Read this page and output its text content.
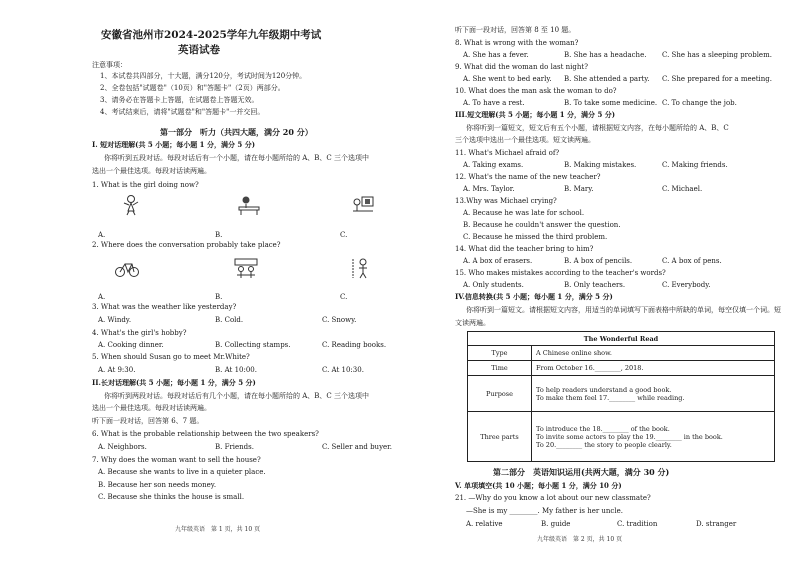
安徽省池州市2024-2025学年九年级期中考试
英语试卷
注意事项：
1、本试卷共四部分，十大题，满分120分，考试时间为120分钟。
2、全卷包括"试题卷"（10页）和"答题卡"（2页）两部分。
3、请务必在答题卡上答题，在试题卷上答题无效。
4、考试结束后，请将"试题卷"和"答题卡"一并交回。
第一部分　听力（共四大题，满分 20 分）
I. 短对话理解(共 5 小题；每小题 1 分，满分 5 分)
你将听到五段对话。每段对话后有一个小题，请在每小题所给的 A、B、C 三个选项中
选出一个最佳选项。每段对话读两遍。
1. What is the girl doing now?
A.	B.	C.
2. Where does the conversation probably take place?
A.	B.	C.
3. What was the weather like yesterday?
A. Windy.	B. Cold.	C. Snowy.
4. What's the girl's hobby?
A. Cooking dinner.	B. Collecting stamps.	C. Reading books.
5. When should Susan go to meet Mr.White?
A. At 9:30.	B. At 10:00.	C. At 10:30.
II.长对话理解(共 5 小题；每小题 1 分，满分 5 分)
你将听到两段对话。每段对话后有几个小题，请在每小题所给的 A、B、C 三个选项中
选出一个最佳选项。每段对话读两遍。
听下面一段对话，回答第 6、7 题。
6. What is the probable relationship between the two speakers?
A. Neighbors.	B. Friends.	C. Seller and buyer.
7. Why does the woman want to sell the house?
A. Because she wants to live in a quieter place.
B. Because her son needs money.
C. Because she thinks the house is small.
九年级英语　第 1 页，共 10 页
听下面一段对话，回答第 8 至 10 题。
8. What is wrong with the woman?
A. She has a fever.	B. She has a headache. C. She has a sleeping problem.
9. What did the woman do last night?
A. She went to bed early. B. She attended a party. C. She prepared for a meeting.
10. What does the man ask the woman to do?
A. To have a rest.	B. To take some medicine. C. To change the job.
III.短文理解(共 5 小题；每小题 1 分，满分 5 分)
你将听到一篇短文，短文后有五个小题，请根据短文内容，在每小题所给的 A、B、C
三个选项中选出一个最佳选项。短文读两遍。
11. What's Michael afraid of?
A. Taking exams.	B. Making mistakes.	C. Making friends.
12. What's the name of the new teacher?
A. Mrs. Taylor.	B. Mary.	C. Michael.
13.Why was Michael crying?
A. Because he was late for school.
B. Because he couldn't answer the question.
C. Because he missed the third problem.
14. What did the teacher bring to him?
A. A box of erasers.	B. A box of pencils.	C. A box of pens.
15. Who makes mistakes according to the teacher's words?
A. Only students.	B. Only teachers.	C. Everybody.
IV.信息转换(共 5 小题；每小题 1 分，满分 5 分)
你将听到一篇短文。请根据短文内容，用适当的单词填写下面表格中所缺的单词，每空仅填一个词。短
文读两遍。
The Wonderful Read	
Type	A Chinese online show.
Time	From October 16.________, 2018.
Purpose	To help readers understand a good book.
To make them feel 17.________ while reading.

Three parts	To introduce the 18.________ of the book.
To invite some actors to play the 19.________ in the book.
To 20.________ the story to people clearly.
第二部分　英语知识运用(共两大题，满分 30 分)
V. 单项填空(共 10 小题；每小题 1 分，满分 10 分)
21. —Why do you know a lot about our new classmate?
—She is my ________. My father is her uncle.
A. relative	B. guide	C. tradition	D. stranger
九年级英语　第 2 页，共 10 页
